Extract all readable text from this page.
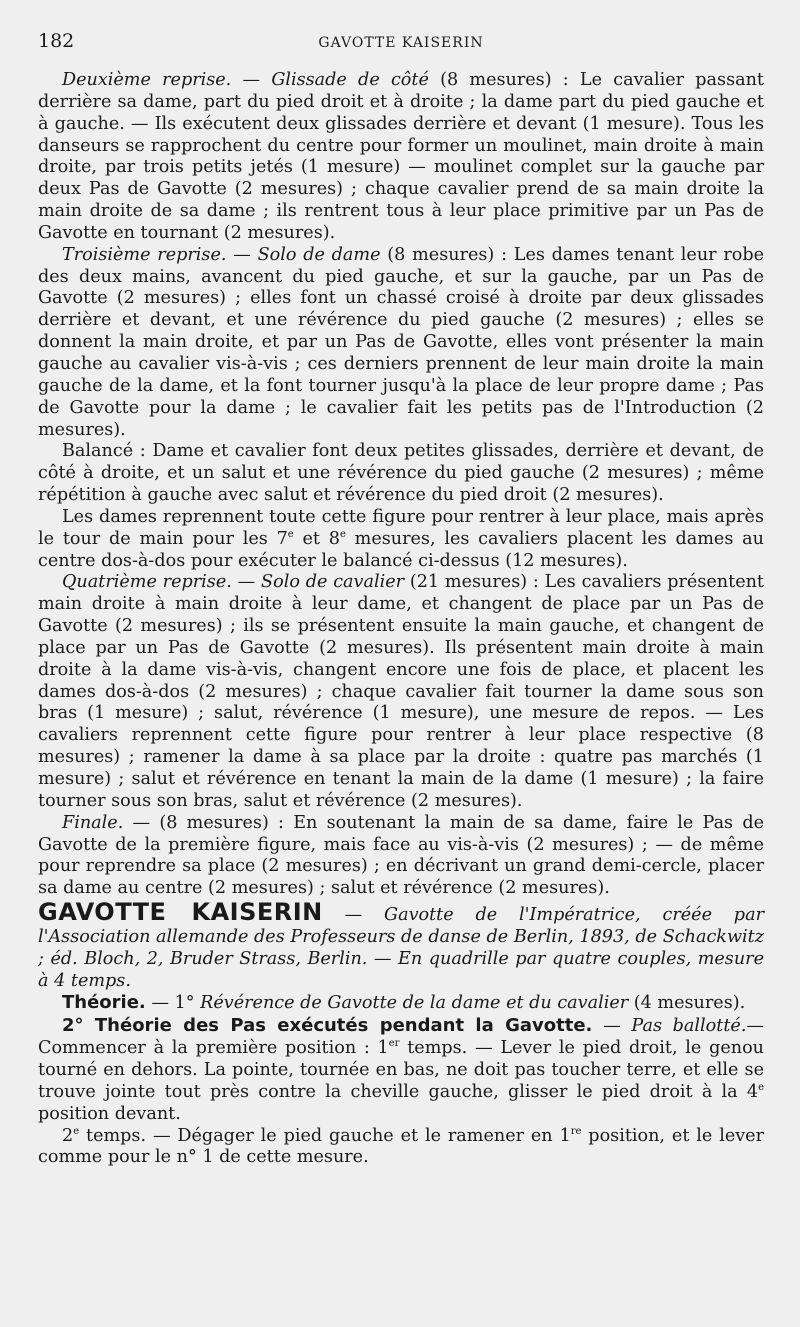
182	GAVOTTE KAISERIN

Deuxième reprise. — Glissade de côté (8 mesures) : Le cavalier passant derrière sa dame, part du pied droit et à droite ; la dame part du pied gauche et à gauche. — Ils exécutent deux glissades derrière et devant (1 mesure). Tous les danseurs se rapprochent du centre pour former un moulinet, main droite à main droite, par trois petits jetés (1 mesure) — moulinet complet sur la gauche par deux Pas de Gavotte (2 mesures) ; chaque cavalier prend de sa main droite la main droite de sa dame ; ils rentrent tous à leur place primitive par un Pas de Gavotte en tournant (2 mesures).

Troisième reprise. — Solo de dame (8 mesures) : Les dames tenant leur robe des deux mains, avancent du pied gauche, et sur la gauche, par un Pas de Gavotte (2 mesures) ; elles font un chassé croisé à droite par deux glissades derrière et devant, et une révérence du pied gauche (2 mesures) ; elles se donnent la main droite, et par un Pas de Gavotte, elles vont présenter la main gauche au cavalier vis-à-vis ; ces derniers prennent de leur main droite la main gauche de la dame, et la font tourner jusqu'à la place de leur propre dame ; Pas de Gavotte pour la dame ; le cavalier fait les petits pas de l'Introduction (2 mesures).

Balancé : Dame et cavalier font deux petites glissades, derrière et devant, de côté à droite, et un salut et une révérence du pied gauche (2 mesures) ; même répétition à gauche avec salut et révérence du pied droit (2 mesures).

Les dames reprennent toute cette figure pour rentrer à leur place, mais après le tour de main pour les 7e et 8e mesures, les cavaliers placent les dames au centre dos-à-dos pour exécuter le balancé ci-dessus (12 mesures).

Quatrième reprise. — Solo de cavalier (21 mesures) : Les cavaliers présentent main droite à main droite à leur dame, et changent de place par un Pas de Gavotte (2 mesures) ; ils se présentent ensuite la main gauche, et changent de place par un Pas de Gavotte (2 mesures). Ils présentent main droite à main droite à la dame vis-à-vis, changent encore une fois de place, et placent les dames dos-à-dos (2 mesures) ; chaque cavalier fait tourner la dame sous son bras (1 mesure) ; salut, révérence (1 mesure), une mesure de repos. — Les cavaliers reprennent cette figure pour rentrer à leur place respective (8 mesures) ; ramener la dame à sa place par la droite : quatre pas marchés (1 mesure) ; salut et révérence en tenant la main de la dame (1 mesure) ; la faire tourner sous son bras, salut et révérence (2 mesures).

Finale. — (8 mesures) : En soutenant la main de sa dame, faire le Pas de Gavotte de la première figure, mais face au vis-à-vis (2 mesures) ; — de même pour reprendre sa place (2 mesures) ; en décrivant un grand demi-cercle, placer sa dame au centre (2 mesures) ; salut et révérence (2 mesures).

GAVOTTE KAISERIN — Gavotte de l'Impératrice, créée par l'Association allemande des Professeurs de danse de Berlin, 1893, de Schackwitz ; éd. Bloch, 2, Bruder Strass, Berlin. — En quadrille par quatre couples, mesure à 4 temps.

Théorie. — 1° Révérence de Gavotte de la dame et du cavalier (4 mesures).

2° Théorie des Pas exécutés pendant la Gavotte. — Pas ballotté.— Commencer à la première position : 1er temps. — Lever le pied droit, le genou tourné en dehors. La pointe, tournée en bas, ne doit pas toucher terre, et elle se trouve jointe tout près contre la cheville gauche, glisser le pied droit à la 4e position devant.

2e temps. — Dégager le pied gauche et le ramener en 1re position, et le lever comme pour le n° 1 de cette mesure.
